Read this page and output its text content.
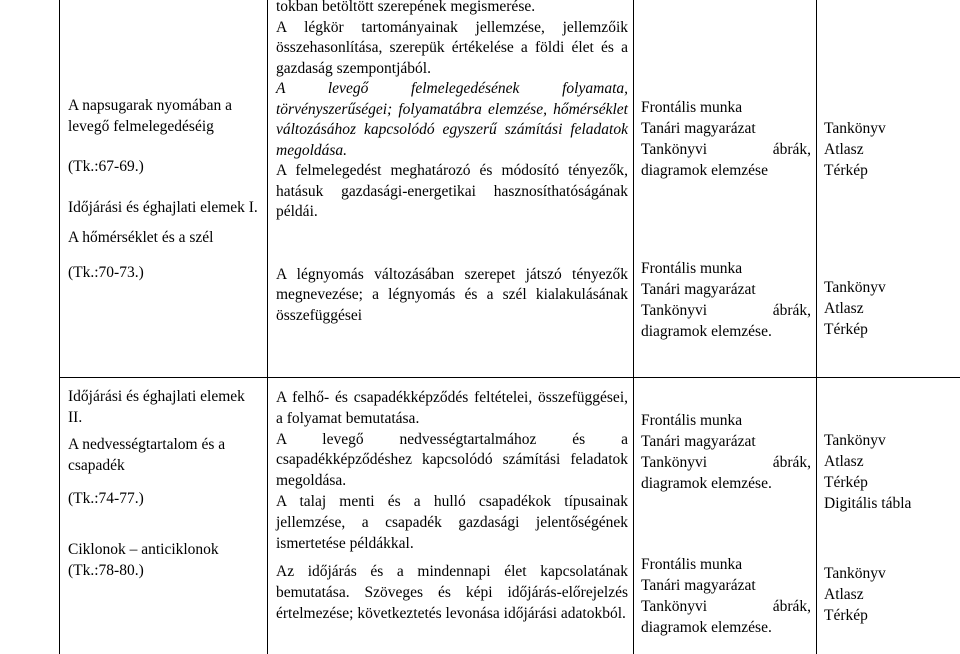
A napsugarak nyomában a levegő felmelegedéséig

(Tk.:67-69.)

Időjárási és éghajlati elemek I.

A hőmérséklet és a szél

(Tk.:70-73.)

tokban betöltött szerepének megismerése.

A légkör tartományainak jellemzése, jellemzőik összehasonlítása, szerepük értékelése a földi élet és a gazdaság szempontjából.

A levegő felmelegedésének folyamata, törvényszerűségei; folyamatábra elemzése, hőmérséklet változásához kapcsolódó egyszerű számítási feladatok megoldása.

A felmelegedést meghatározó és módosító tényezők, hatásuk gazdasági-energetikai hasznosíthatóságának példái.

A légnyomás változásában szerepet játszó tényezők megnevezése; a légnyomás és a szél kialakulásának összefüggései

Frontális munka

Tanári magyarázat

Tankönyvi ábrák, diagramok elemzése

Frontális munka

Tanári magyarázat

Tankönyvi ábrák, diagramok elemzése.

Tankönyv

Atlasz

Térkép

Tankönyv

Atlasz

Térkép

Időjárási és éghajlati elemek II.

A nedvességtartalom és a csapadék

(Tk.:74-77.)

Ciklonok – anticiklonok

(Tk.:78-80.)

A felhő- és csapadékképződés feltételei, összefüggései, a folyamat bemutatása.

A levegő nedvességtartalmához és a csapadékképződéshez kapcsolódó számítási feladatok megoldása.

A talaj menti és a hulló csapadékok típusainak jellemzése, a csapadék gazdasági jelentőségének ismertetése példákkal.

Az időjárás és a mindennapi élet kapcsolatának bemutatása. Szöveges és képi időjárás-előrejelzés értelmezése; következtetés levonása időjárási adatokból.

Frontális munka

Tanári magyarázat

Tankönyvi ábrák, diagramok elemzése.

Frontális munka

Tanári magyarázat

Tankönyvi ábrák, diagramok elemzése.

Tankönyv

Atlasz

Térkép

Digitális tábla

Tankönyv

Atlasz

Térkép
